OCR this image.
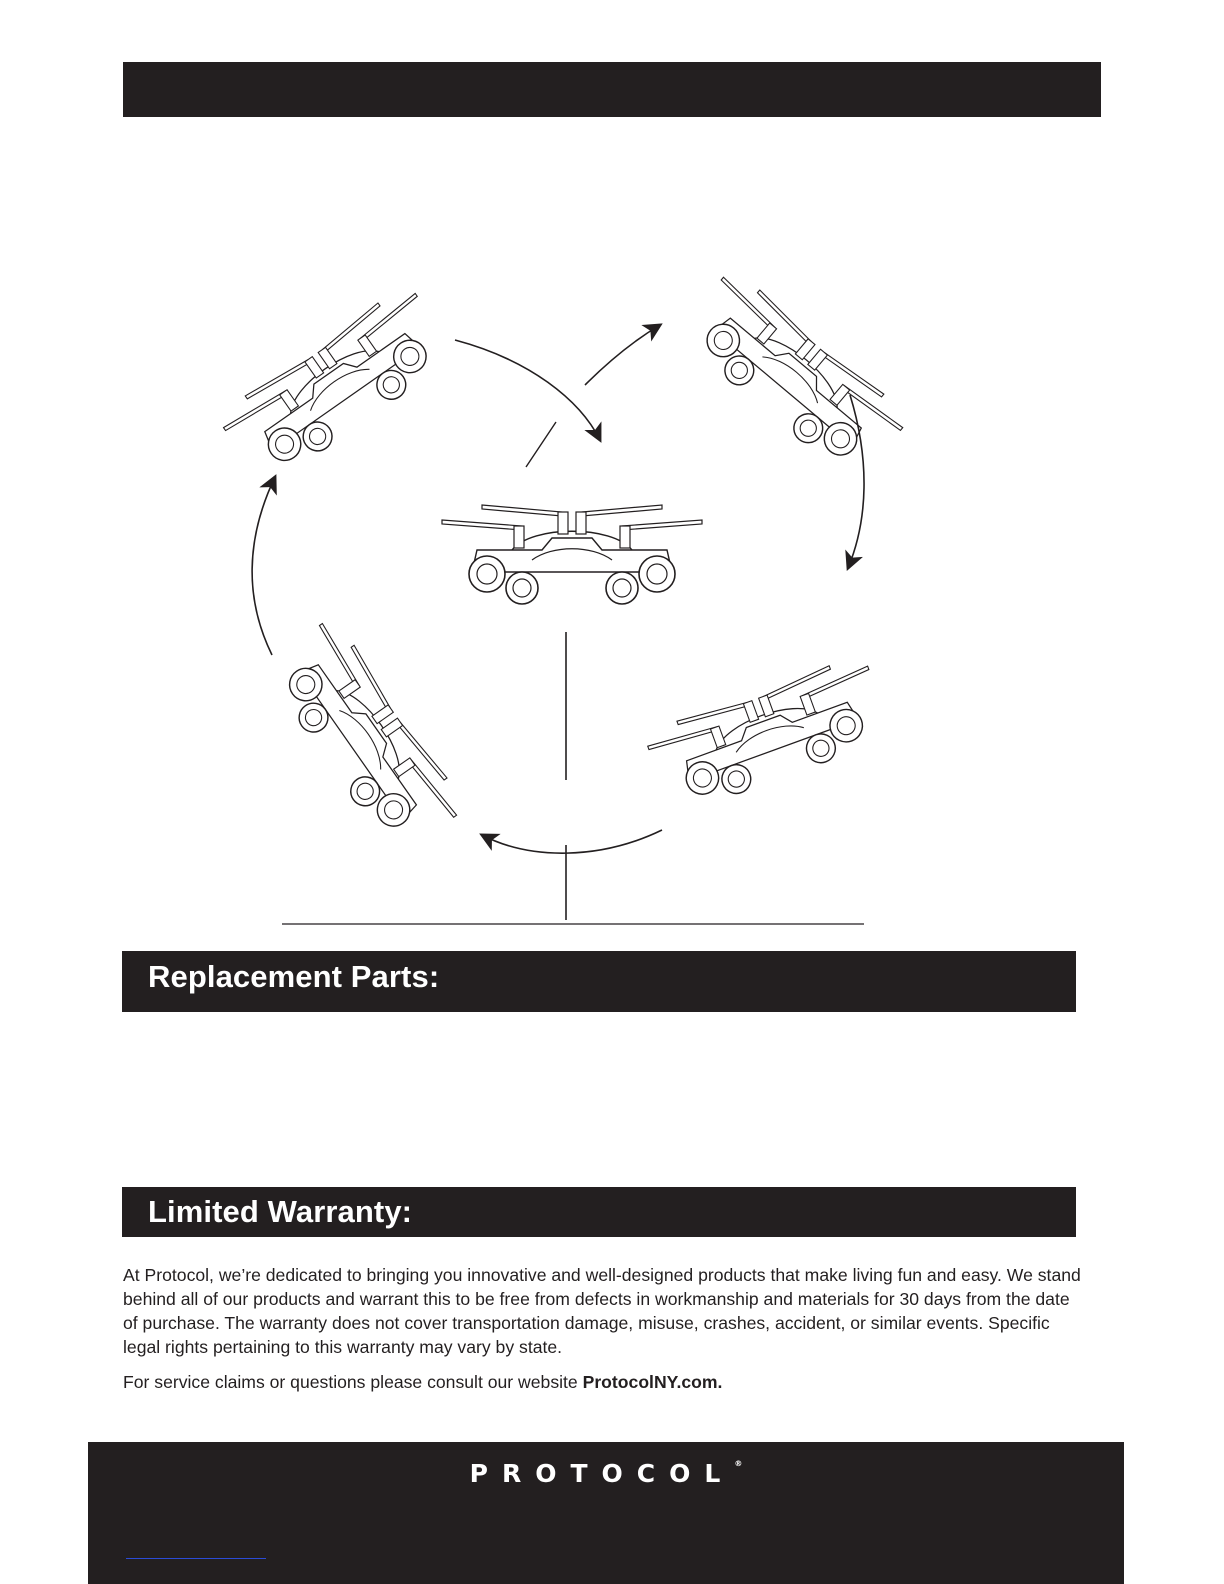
Replacement Parts:
Limited Warranty:

At Protocol, we’re dedicated to bringing you innovative and well-designed products that make living fun and easy. We stand behind all of our products and warrant this to be free from defects in workmanship and materials for 30 days from the date of purchase. The warranty does not cover transportation damage, misuse, crashes, accident, or similar events. Specific legal rights pertaining to this warranty may vary by state.

For service claims or questions please consult our website ProtocolNY.com.

PROTOCOL®
